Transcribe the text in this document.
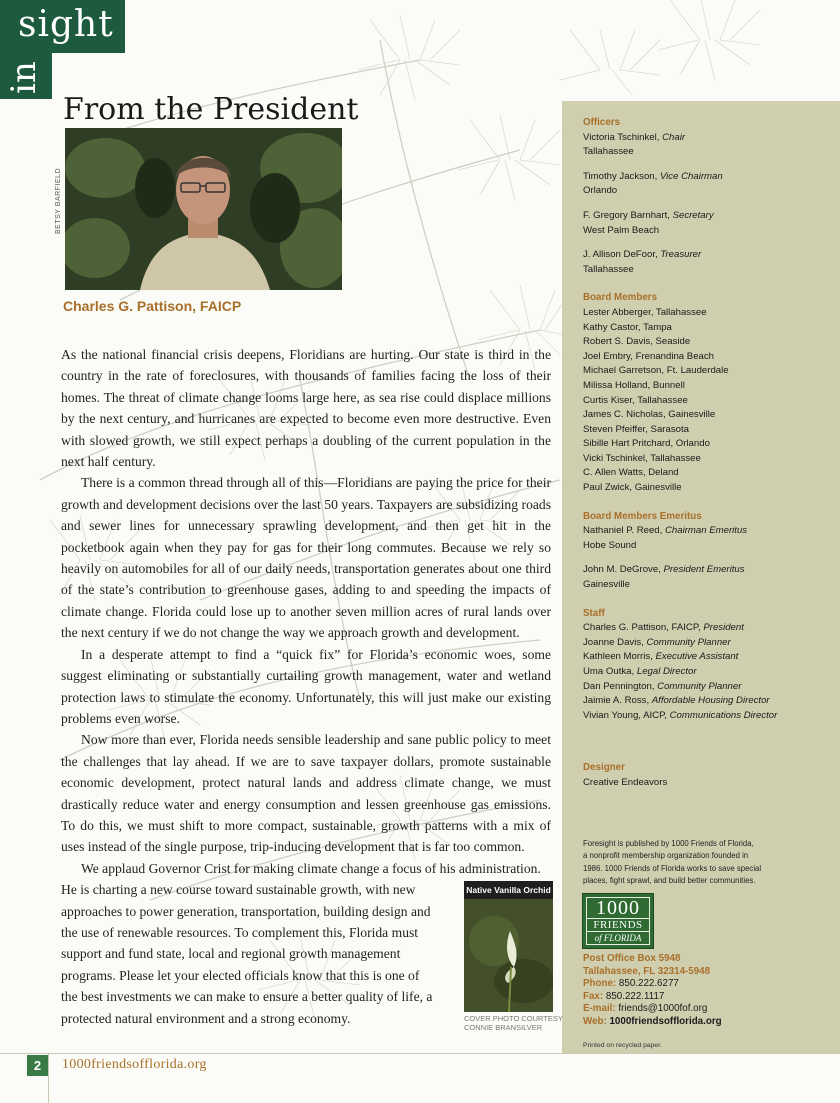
sight
in
From the President
BETSY BARFIELD
Charles G. Pattison, FAICP

As the national financial crisis deepens, Floridians are hurting. Our state is third in the country in the rate of foreclosures, with thousands of families facing the loss of their homes. The threat of climate change looms large here, as sea rise could displace millions by the next century, and hurricanes are expected to become even more destructive. Even with slowed growth, we still expect perhaps a doubling of the current population in the next half century.

There is a common thread through all of this—Floridians are paying the price for their growth and development decisions over the last 50 years. Taxpayers are subsidizing roads and sewer lines for unnecessary sprawling development, and then get hit in the pocketbook again when they pay for gas for their long commutes. Because we rely so heavily on automobiles for all of our daily needs, transportation generates about one third of the state’s contribution to greenhouse gases, adding to and speeding the impacts of climate change. Florida could lose up to another seven million acres of rural lands over the next century if we do not change the way we approach growth and development.

In a desperate attempt to find a “quick fix” for Florida’s economic woes, some suggest eliminating or substantially curtailing growth management, water and wetland protection laws to stimulate the economy. Unfortunately, this will just make our existing problems even worse.

Now more than ever, Florida needs sensible leadership and sane public policy to meet the challenges that lay ahead. If we are to save taxpayer dollars, promote sustainable economic development, protect natural lands and address climate change, we must drastically reduce water and energy consumption and lessen greenhouse gas emissions. To do this, we must shift to more compact, sustainable, growth patterns with a mix of uses instead of the single purpose, trip-inducing development that is far too common.

We applaud Governor Crist for making climate change a focus of his administration.
He is charting a new course toward sustainable growth, with new
approaches to power generation, transportation, building design and
the use of renewable resources. To complement this, Florida must
support and fund state, local and regional growth management
programs. Please let your elected officials know that this is one of
the best investments we can make to ensure a better quality of life, a
protected natural environment and a strong economy.
Native Vanilla Orchid
COVER PHOTO COURTESY
CONNIE BRANSILVER
Officers
Victoria Tschinkel, Chair
Tallahassee
Timothy Jackson, Vice Chairman
Orlando
F. Gregory Barnhart, Secretary
West Palm Beach
J. Allison DeFoor, Treasurer
Tallahassee
Board Members
Lester Abberger, Tallahassee
Kathy Castor, Tampa
Robert S. Davis, Seaside
Joel Embry, Frenandina Beach
Michael Garretson, Ft. Lauderdale
Milissa Holland, Bunnell
Curtis Kiser, Tallahassee
James C. Nicholas, Gainesville
Steven Pfeiffer, Sarasota
Sibille Hart Pritchard, Orlando
Vicki Tschinkel, Tallahassee
C. Allen Watts, Deland
Paul Zwick, Gainesville
Board Members Emeritus
Nathaniel P. Reed, Chairman Emeritus
Hobe Sound
John M. DeGrove, President Emeritus
Gainesville
Staff
Charles G. Pattison, FAICP, President
Joanne Davis, Community Planner
Kathleen Morris, Executive Assistant
Uma Outka, Legal Director
Dan Pennington, Community Planner
Jaimie A. Ross, Affordable Housing Director
Vivian Young, AICP, Communications Director
Designer
Creative Endeavors
Foresight is published by 1000 Friends of Florida,
a nonprofit membership organization founded in
1986. 1000 Friends of Florida works to save special
places, fight sprawl, and build better communities.
1000
FRIENDS
of FLORIDA
Post Office Box 5948
Tallahassee, FL 32314-5948
Phone: 850.222.6277
Fax: 850.222.1117
E-mail: friends@1000fof.org
Web: 1000friendsofflorida.org
Printed on recycled paper.
2	1000friendsofflorida.org
